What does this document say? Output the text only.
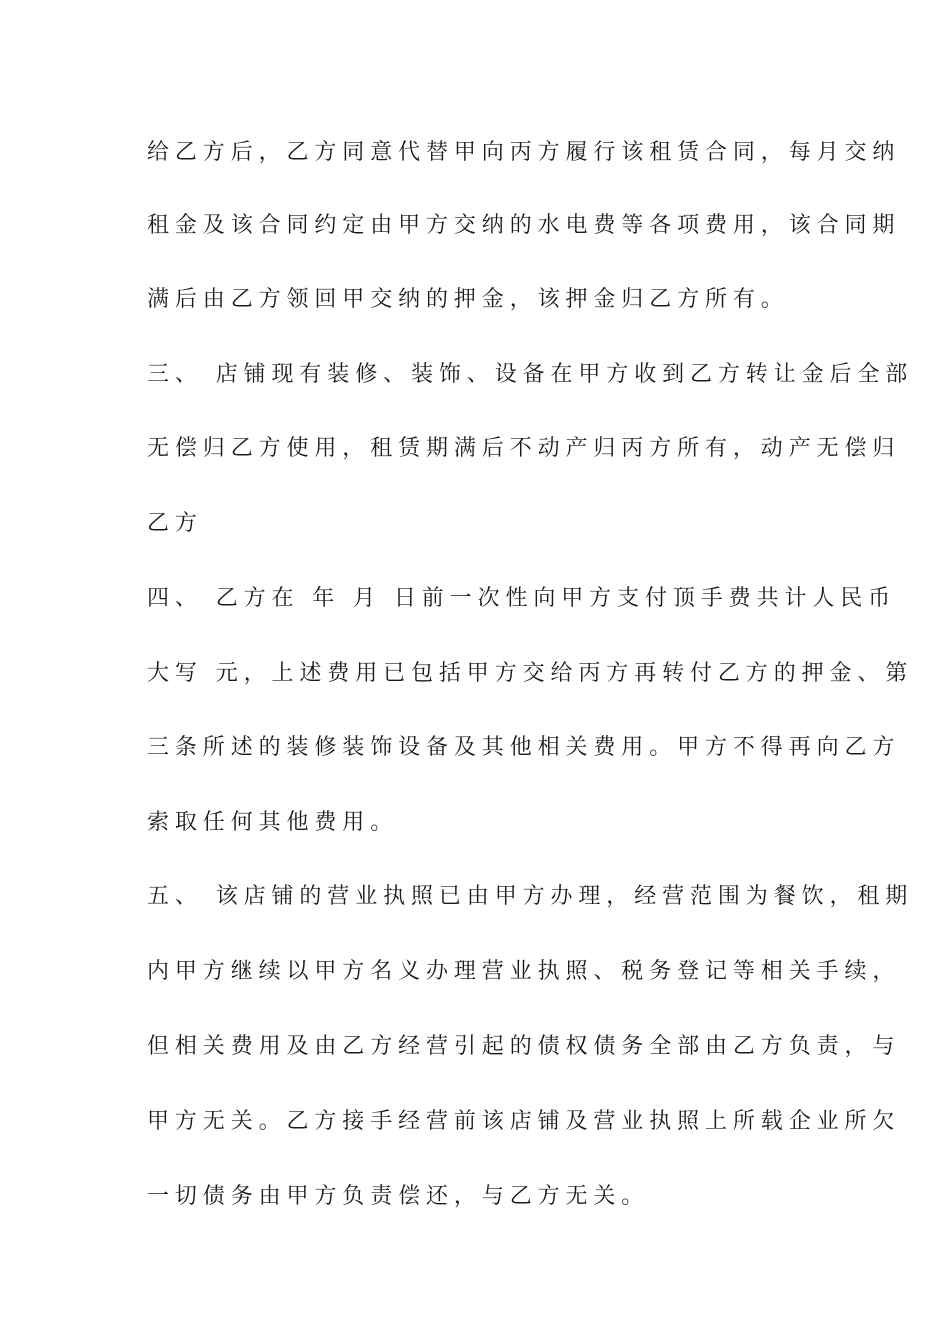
给乙方后，乙方同意代替甲向丙方履行该租赁合同，每月交纳
租金及该合同约定由甲方交纳的水电费等各项费用，该合同期
满后由乙方领回甲交纳的押金，该押金归乙方所有。
三、 店铺现有装修、装饰、设备在甲方收到乙方转让金后全部
无偿归乙方使用，租赁期满后不动产归丙方所有，动产无偿归
乙方
四、 乙方在 年 月 日前一次性向甲方支付顶手费共计人民币
大写 元，上述费用已包括甲方交给丙方再转付乙方的押金、第
三条所述的装修装饰设备及其他相关费用。甲方不得再向乙方
索取任何其他费用。
五、 该店铺的营业执照已由甲方办理，经营范围为餐饮，租期
内甲方继续以甲方名义办理营业执照、税务登记等相关手续，
但相关费用及由乙方经营引起的债权债务全部由乙方负责，与
甲方无关。乙方接手经营前该店铺及营业执照上所载企业所欠
一切债务由甲方负责偿还，与乙方无关。
